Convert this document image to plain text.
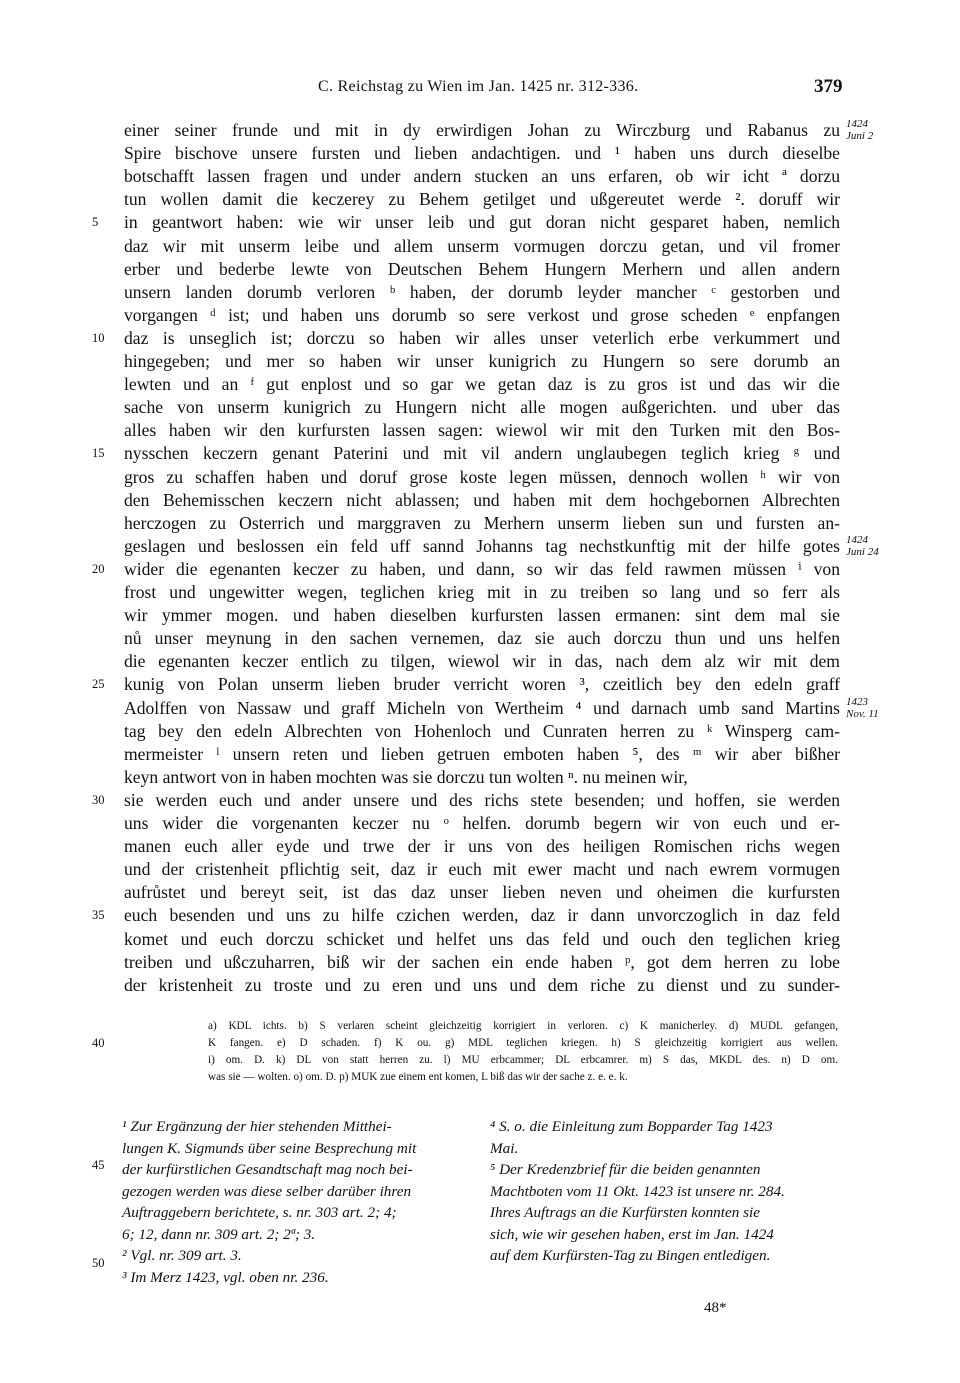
C. Reichstag zu Wien im Jan. 1425 nr. 312-336.	379
einer seiner frunde und mit in dy erwirdigen Johan zu Wirczburg und Rabanus zu
Spire bischove unsere fursten und lieben andachtigen. und ¹ haben uns durch dieselbe
botschafft lassen fragen und under andern stucken an uns erfaren, ob wir icht ª dorzu
tun wollen damit die keczerey zu Behem getilget und ußgereutet werde ². doruff wir
in geantwort haben: wie wir unser leib und gut doran nicht gesparet haben, nemlich
daz wir mit unserm leibe und allem unserm vormugen dorczu getan, und vil fromer
erber und bederbe lewte von Deutschen Behem Hungern Merhern und allen andern
unsern landen dorumb verloren ᵇ haben, der dorumb leyder mancher ᶜ gestorben und
vorgangen ᵈ ist; und haben uns dorumb so sere verkost und grose scheden ᵉ enpfangen
daz is unseglich ist; dorczu so haben wir alles unser veterlich erbe verkummert und
hingegeben; und mer so haben wir unser kunigrich zu Hungern so sere dorumb an
lewten und an ᶠ gut enplost und so gar we getan daz is zu gros ist und das wir die
sache von unserm kunigrich zu Hungern nicht alle mogen außgerichten. und uber das
alles haben wir den kurfursten lassen sagen: wiewol wir mit den Turken mit den Bos-
nysschen keczern genant Paterini und mit vil andern unglaubegen teglich krieg ᵍ und
gros zu schaffen haben und doruf grose koste legen müssen, dennoch wollen ʰ wir von
den Behemisschen keczern nicht ablassen; und haben mit dem hochgebornen Albrechten
herczogen zu Osterrich und marggraven zu Merhern unserm lieben sun und fursten an-
geslagen und beslossen ein feld uff sannd Johanns tag nechstkunftig mit der hilfe gotes
wider die egenanten keczer zu haben, und dann, so wir das feld rawmen müssen ⁱ von
frost und ungewitter wegen, teglichen krieg mit in zu treiben so lang und so ferr als
wir ymmer mogen. und haben dieselben kurfursten lassen ermanen: sint dem mal sie
nů unser meynung in den sachen vernemen, daz sie auch dorczu thun und uns helfen
die egenanten keczer entlich zu tilgen, wiewol wir in das, nach dem alz wir mit dem
kunig von Polan unserm lieben bruder verricht woren ³, czeitlich bey den edeln graff
Adolffen von Nassaw und graff Micheln von Wertheim ⁴ und darnach umb sand Martins
tag bey den edeln Albrechten von Hohenloch und Cunraten herren zu ᵏ Winsperg cam-
mermeister ˡ unsern reten und lieben getruen emboten haben ⁵, des ᵐ wir aber bißher
keyn antwort von in haben mochten was sie dorczu tun wolten ⁿ. nu meinen wir,
sie werden euch und ander unsere und des richs stete besenden; und hoffen, sie werden
uns wider die vorgenanten keczer nu ᵒ helfen. dorumb begern wir von euch und er-
manen euch aller eyde und trwe der ir uns von des heiligen Romischen richs wegen
und der cristenheit pflichtig seit, daz ir euch mit ewer macht und nach ewrem vormugen
aufrůstet und bereyt seit, ist das daz unser lieben neven und oheimen die kurfursten
euch besenden und uns zu hilfe czichen werden, daz ir dann unvorczoglich in daz feld
komet und euch dorczu schicket und helfet uns das feld und ouch den teglichen krieg
treiben und ußczuharren, biß wir der sachen ein ende haben ᵖ, got dem herren zu lobe
der kristenheit zu troste und zu eren und uns und dem riche zu dienst und zu sunder-
5
10
15
20
25
30
35
1424
Juni 2
1424
Juni 24
1423
Nov. 11
a) KDL ichts. b) S verlaren scheint gleichzeitig korrigiert in verloren. c) K manicherley. d) MUDL gefangen,
K fangen. e) D schaden. f) K ou. g) MDL teglichen kriegen. h) S gleichzeitig korrigiert aus wellen.
i) om. D. k) DL von statt herren zu. l) MU erbcammer; DL erbcamrer. m) S das, MKDL des. n) D om.
was sie — wolten. o) om. D. p) MUK zue einem ent komen, L biß das wir der sache z. e. e. k.
40
¹ Zur Ergänzung der hier stehenden Mitthei-
lungen K. Sigmunds über seine Besprechung mit
der kurfürstlichen Gesandtschaft mag noch bei-
gezogen werden was diese selber darüber ihren
Auftraggebern berichtete, s. nr. 303 art. 2; 4;
6; 12, dann nr. 309 art. 2; 2ª; 3.
² Vgl. nr. 309 art. 3.
³ Im Merz 1423, vgl. oben nr. 236.
⁴ S. o. die Einleitung zum Bopparder Tag 1423
Mai.
⁵ Der Kredenzbrief für die beiden genannten
Machtboten vom 11 Okt. 1423 ist unsere nr. 284.
Ihres Auftrags an die Kurfürsten konnten sie
sich, wie wir gesehen haben, erst im Jan. 1424
auf dem Kurfürsten-Tag zu Bingen entledigen.
45
50
48*
